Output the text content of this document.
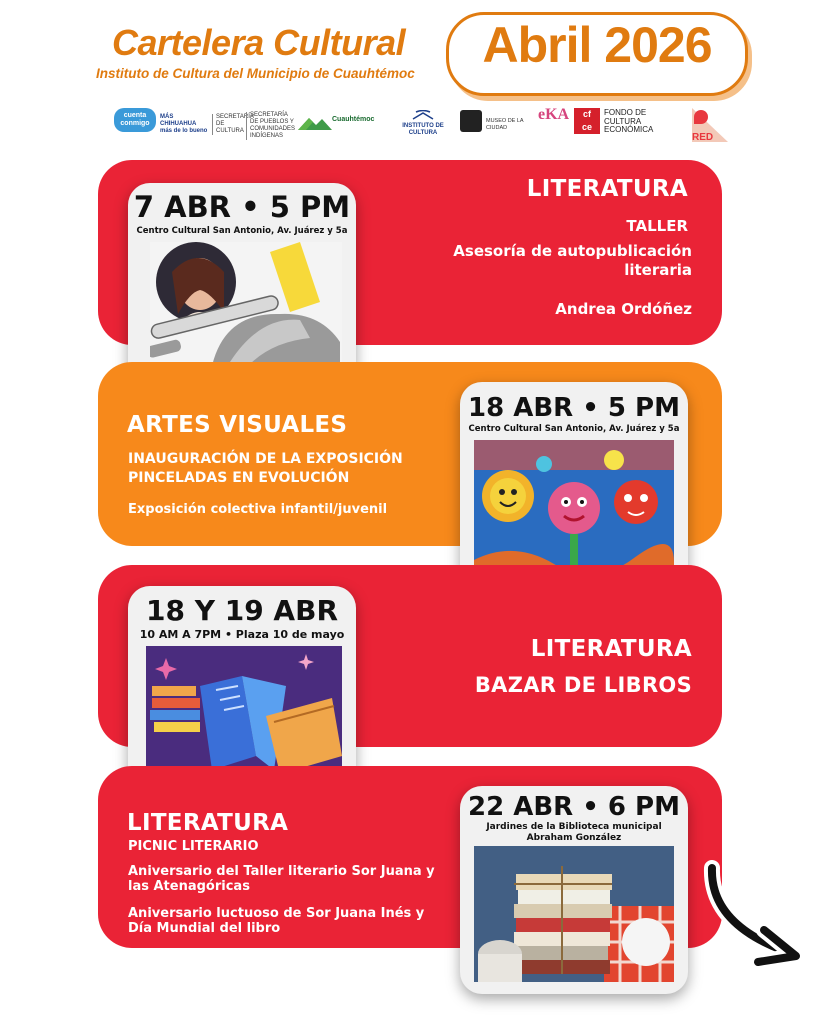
Cartelera Cultural
Instituto de Cultura del Municipio de Cuauhtémoc
Abril 2026
cuenta conmigo
MÁS CHIHUAHUA más de lo bueno
SECRETARÍA DE CULTURA
SECRETARÍA DE PUEBLOS Y COMUNIDADES INDÍGENAS
Cuauhtémoc
INSTITUTO DE CULTURA
MUSEO DE LA CIUDAD
eKA	cf
ce
FONDO DE CULTURA ECONÓMICA
RED
7 ABR • 5 PM
Centro Cultural San Antonio, Av. Juárez y 5a
LITERATURA
TALLER
Asesoría de autopublicación literaria
Andrea Ordóñez
18 ABR • 5 PM
Centro Cultural San Antonio, Av. Juárez y 5a
ARTES VISUALES
INAUGURACIÓN DE LA EXPOSICIÓN PINCELADAS EN EVOLUCIÓN
Exposición colectiva infantil/juvenil
18 Y 19 ABR
10 AM A 7PM • Plaza 10 de mayo
LITERATURA
BAZAR DE LIBROS
22 ABR • 6 PM
Jardines de la Biblioteca municipal Abraham González
LITERATURA
PICNIC LITERARIO
Aniversario del Taller literario Sor Juana y las Atenagóricas
Aniversario luctuoso de Sor Juana Inés y Día Mundial del libro
